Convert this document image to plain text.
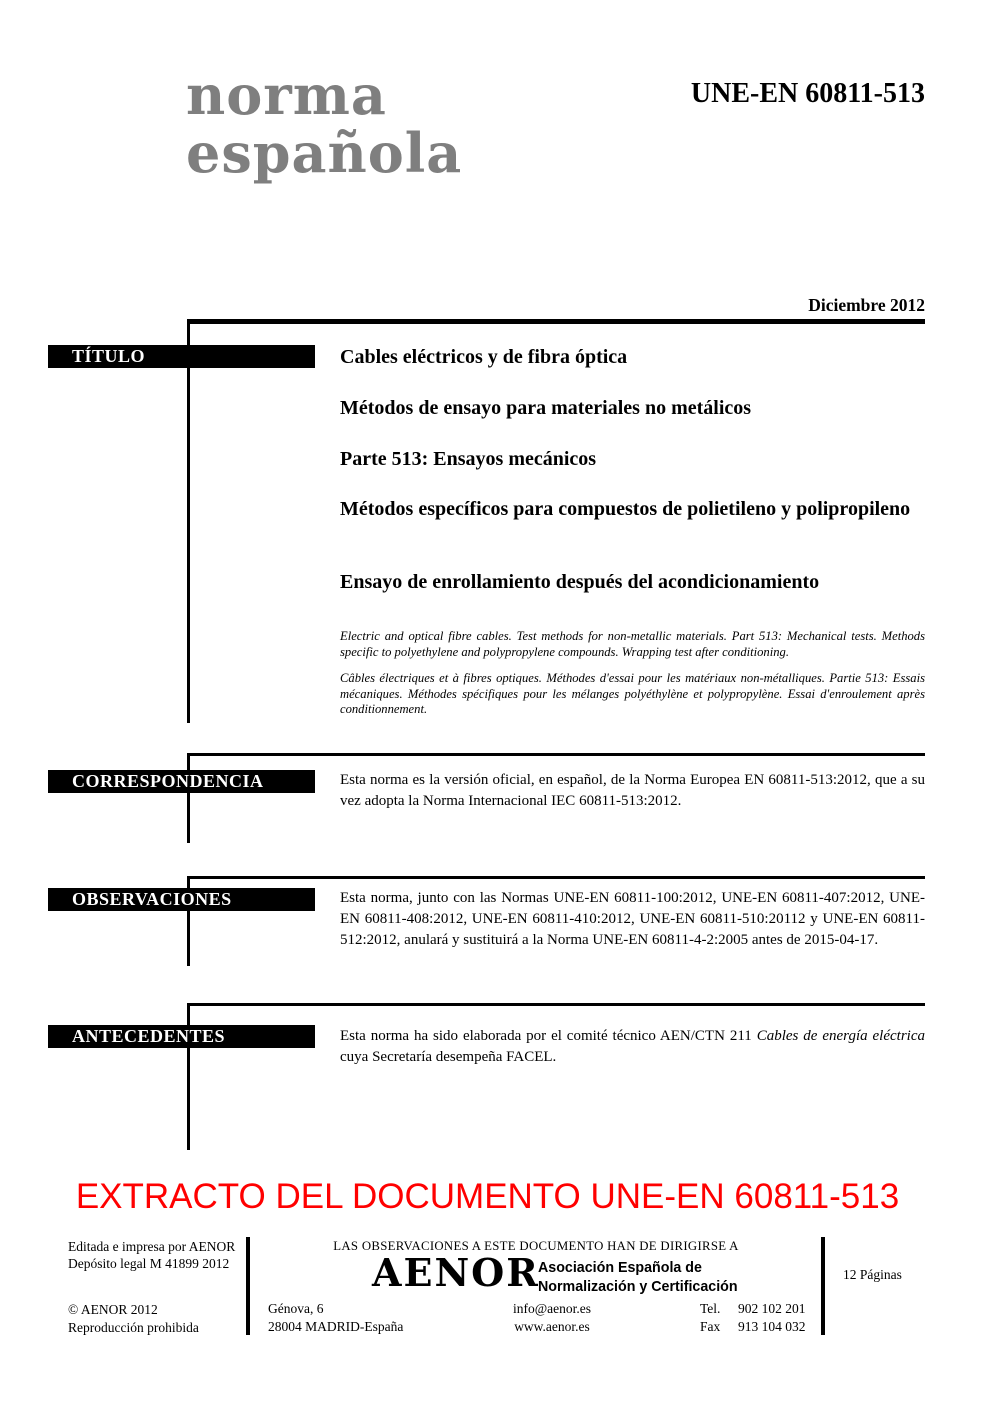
norma
española
UNE-EN 60811-513
Diciembre 2012
TÍTULO
CORRESPONDENCIA
OBSERVACIONES
ANTECEDENTES
Cables eléctricos y de fibra óptica
Métodos de ensayo para materiales no metálicos
Parte 513: Ensayos mecánicos
Métodos específicos para compuestos de polietileno y polipropileno
Ensayo de enrollamiento después del acondicionamiento
Electric and optical fibre cables. Test methods for non-metallic materials. Part 513: Mechanical tests. Methods specific to polyethylene and polypropylene compounds. Wrapping test after conditioning.
Câbles électriques et à fibres optiques. Méthodes d'essai pour les matériaux non-métalliques. Partie 513: Essais mécaniques. Méthodes spécifiques pour les mélanges polyéthylène et polypropylène. Essai d'enroulement après conditionnement.
Esta norma es la versión oficial, en español, de la Norma Europea EN 60811-513:2012, que a su vez adopta la Norma Internacional IEC 60811-513:2012.
Esta norma, junto con las Normas UNE-EN 60811-100:2012, UNE-EN 60811-407:2012, UNE-EN 60811-408:2012, UNE-EN 60811-410:2012, UNE-EN 60811-510:20112 y UNE-EN 60811-512:2012, anulará y sustituirá a la Norma UNE-EN 60811-4-2:2005 antes de 2015-04-17.
Esta norma ha sido elaborada por el comité técnico AEN/CTN 211 Cables de energía eléctrica cuya Secretaría desempeña FACEL.
EXTRACTO DEL DOCUMENTO UNE-EN 60811-513
Editada e impresa por AENOR
Depósito legal M 41899 2012
© AENOR 2012
Reproducción prohibida
LAS OBSERVACIONES A ESTE DOCUMENTO HAN DE DIRIGIRSE A
AENOR
Asociación Española de
Normalización y Certificación
Génova, 6
28004 MADRID-España
info@aenor.es
www.aenor.es
Tel. 902 102 201
Fax 913 104 032
12 Páginas
